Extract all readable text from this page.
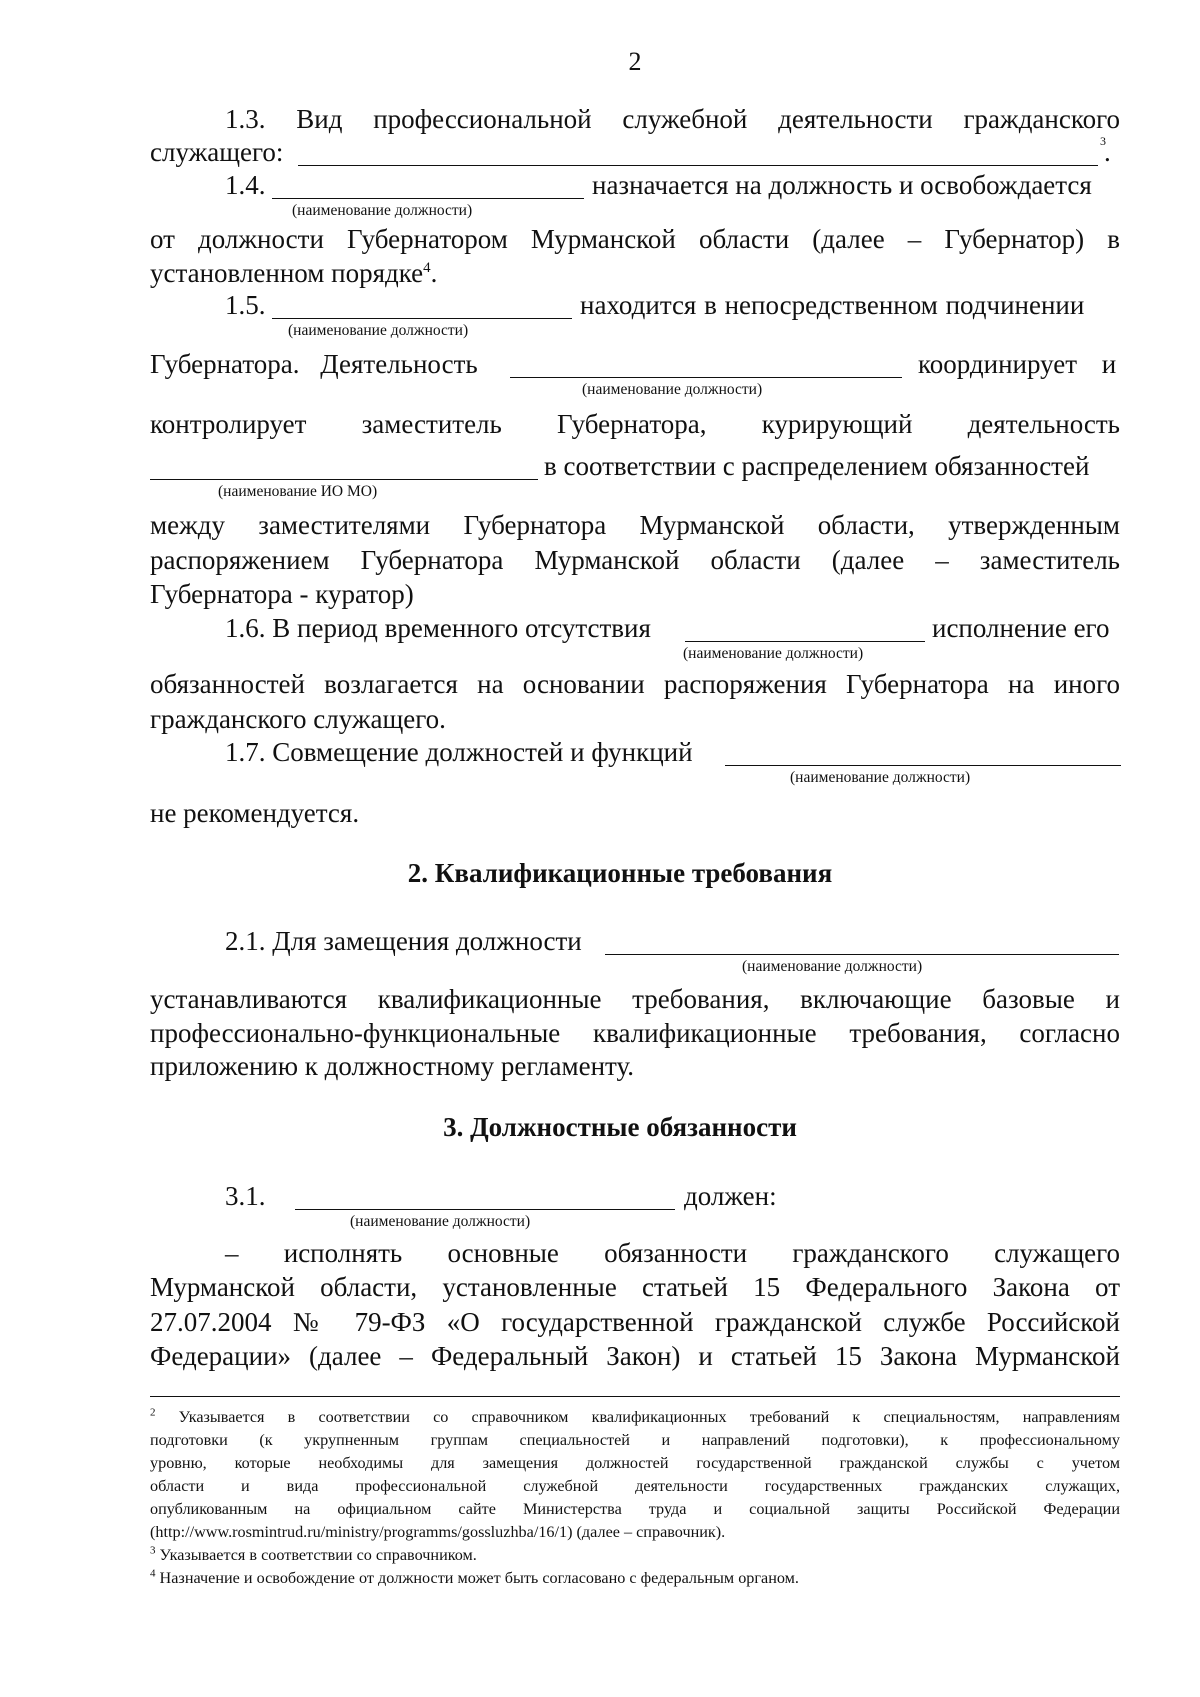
2
1.3. Вид профессиональной служебной деятельности гражданского
служащего:	3
.
1.4.	назначается на должность и освобождается
(наименование должности)
от должности Губернатором Мурманской области (далее – Губернатор) в
установленном порядке$^4$.
1.5.	находится в непосредственном подчинении
(наименование должности)
Губернатора. Деятельность	координирует и
(наименование должности)
контролирует заместитель Губернатора, курирующий деятельность
в соответствии с распределением обязанностей
(наименование ИО МО)
между заместителями Губернатора Мурманской области, утвержденным
распоряжением Губернатора Мурманской области (далее – заместитель
Губернатора - куратор)
1.6. В период временного отсутствия	исполнение его
(наименование должности)
обязанностей возлагается на основании распоряжения Губернатора на иного
гражданского служащего.
1.7. Совмещение должностей и функций
(наименование должности)
не рекомендуется.
2. Квалификационные требования
2.1. Для замещения должности
(наименование должности)
устанавливаются квалификационные требования, включающие базовые и
профессионально-функциональные квалификационные требования, согласно
приложению к должностному регламенту.
3. Должностные обязанности
3.1.	должен:
(наименование должности)
– исполнять основные обязанности гражданского служащего
Мурманской области, установленные статьей 15 Федерального Закона от
27.07.2004 № 79-ФЗ «О государственной гражданской службе Российской
Федерации» (далее – Федеральный Закон) и статьей 15 Закона Мурманской
$^2$ Указывается в соответствии со справочником квалификационных требований к специальностям, направлениям
подготовки (к укрупненным группам специальностей и направлений подготовки), к профессиональному
уровню, которые необходимы для замещения должностей государственной гражданской службы с учетом
области и вида профессиональной служебной деятельности государственных гражданских служащих,
опубликованным на официальном сайте Министерства труда и социальной защиты Российской Федерации
(http://www.rosmintrud.ru/ministry/programms/gossluzhba/16/1) (далее – справочник).
$^3$ Указывается в соответствии со справочником.
$^4$ Назначение и освобождение от должности может быть согласовано с федеральным органом.
